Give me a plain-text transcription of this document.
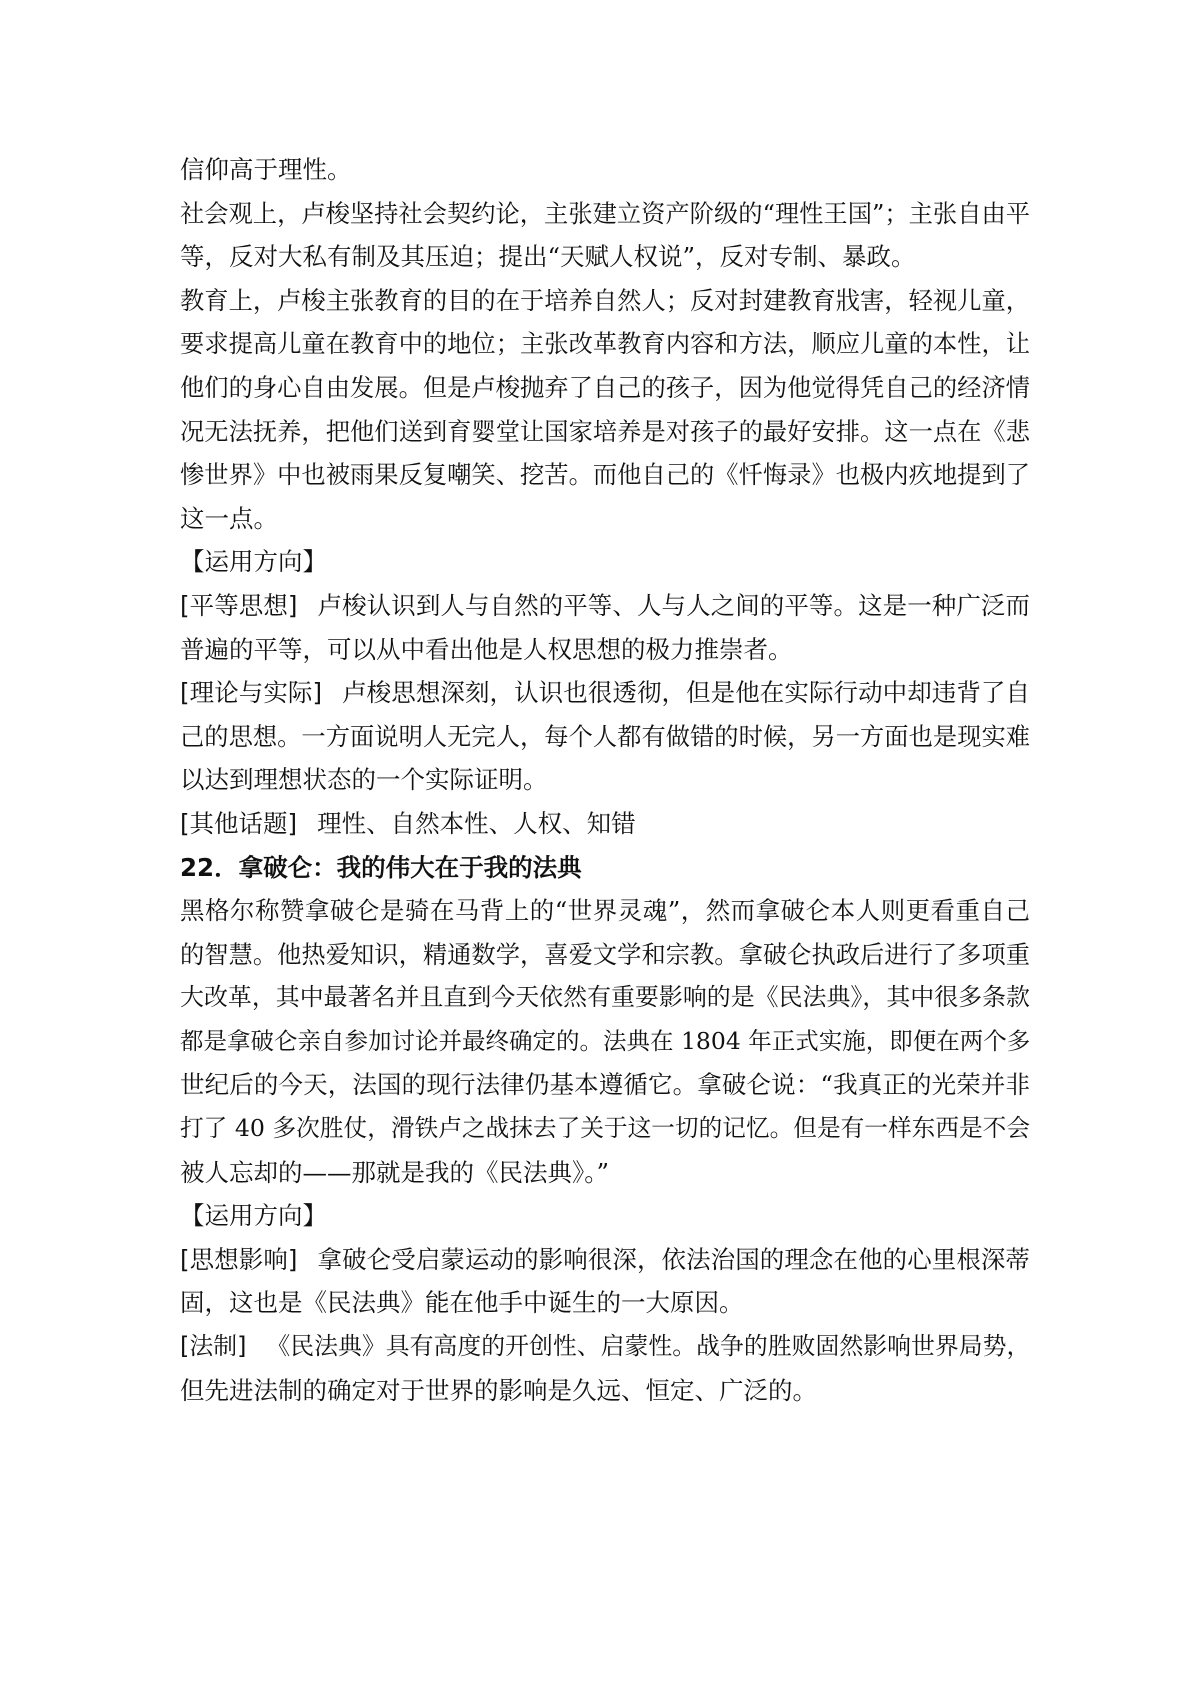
信仰高于理性。
社会观上，卢梭坚持社会契约论，主张建立资产阶级的“理性王国”；主张自由平
等，反对大私有制及其压迫；提出“天赋人权说”，反对专制、暴政。
教育上，卢梭主张教育的目的在于培养自然人；反对封建教育戕害，轻视儿童，
要求提高儿童在教育中的地位；主张改革教育内容和方法，顺应儿童的本性，让
他们的身心自由发展。但是卢梭抛弃了自己的孩子，因为他觉得凭自己的经济情
况无法抚养，把他们送到育婴堂让国家培养是对孩子的最好安排。这一点在《悲
惨世界》中也被雨果反复嘲笑、挖苦。而他自己的《忏悔录》也极内疚地提到了
这一点。
【运用方向】
[平等思想] 卢梭认识到人与自然的平等、人与人之间的平等。这是一种广泛而
普遍的平等，可以从中看出他是人权思想的极力推崇者。
[理论与实际] 卢梭思想深刻，认识也很透彻，但是他在实际行动中却违背了自
己的思想。一方面说明人无完人，每个人都有做错的时候，另一方面也是现实难
以达到理想状态的一个实际证明。
[其他话题] 理性、自然本性、人权、知错
22．拿破仑：我的伟大在于我的法典
黑格尔称赞拿破仑是骑在马背上的“世界灵魂”，然而拿破仑本人则更看重自己
的智慧。他热爱知识，精通数学，喜爱文学和宗教。拿破仑执政后进行了多项重
大改革，其中最著名并且直到今天依然有重要影响的是《民法典》，其中很多条款
都是拿破仑亲自参加讨论并最终确定的。法典在 1804 年正式实施，即便在两个多
世纪后的今天，法国的现行法律仍基本遵循它。拿破仑说：“我真正的光荣并非
打了 40 多次胜仗，滑铁卢之战抹去了关于这一切的记忆。但是有一样东西是不会
被人忘却的——那就是我的《民法典》。”
【运用方向】
[思想影响] 拿破仑受启蒙运动的影响很深，依法治国的理念在他的心里根深蒂
固，这也是《民法典》能在他手中诞生的一大原因。
[法制] 《民法典》具有高度的开创性、启蒙性。战争的胜败固然影响世界局势，
但先进法制的确定对于世界的影响是久远、恒定、广泛的。
